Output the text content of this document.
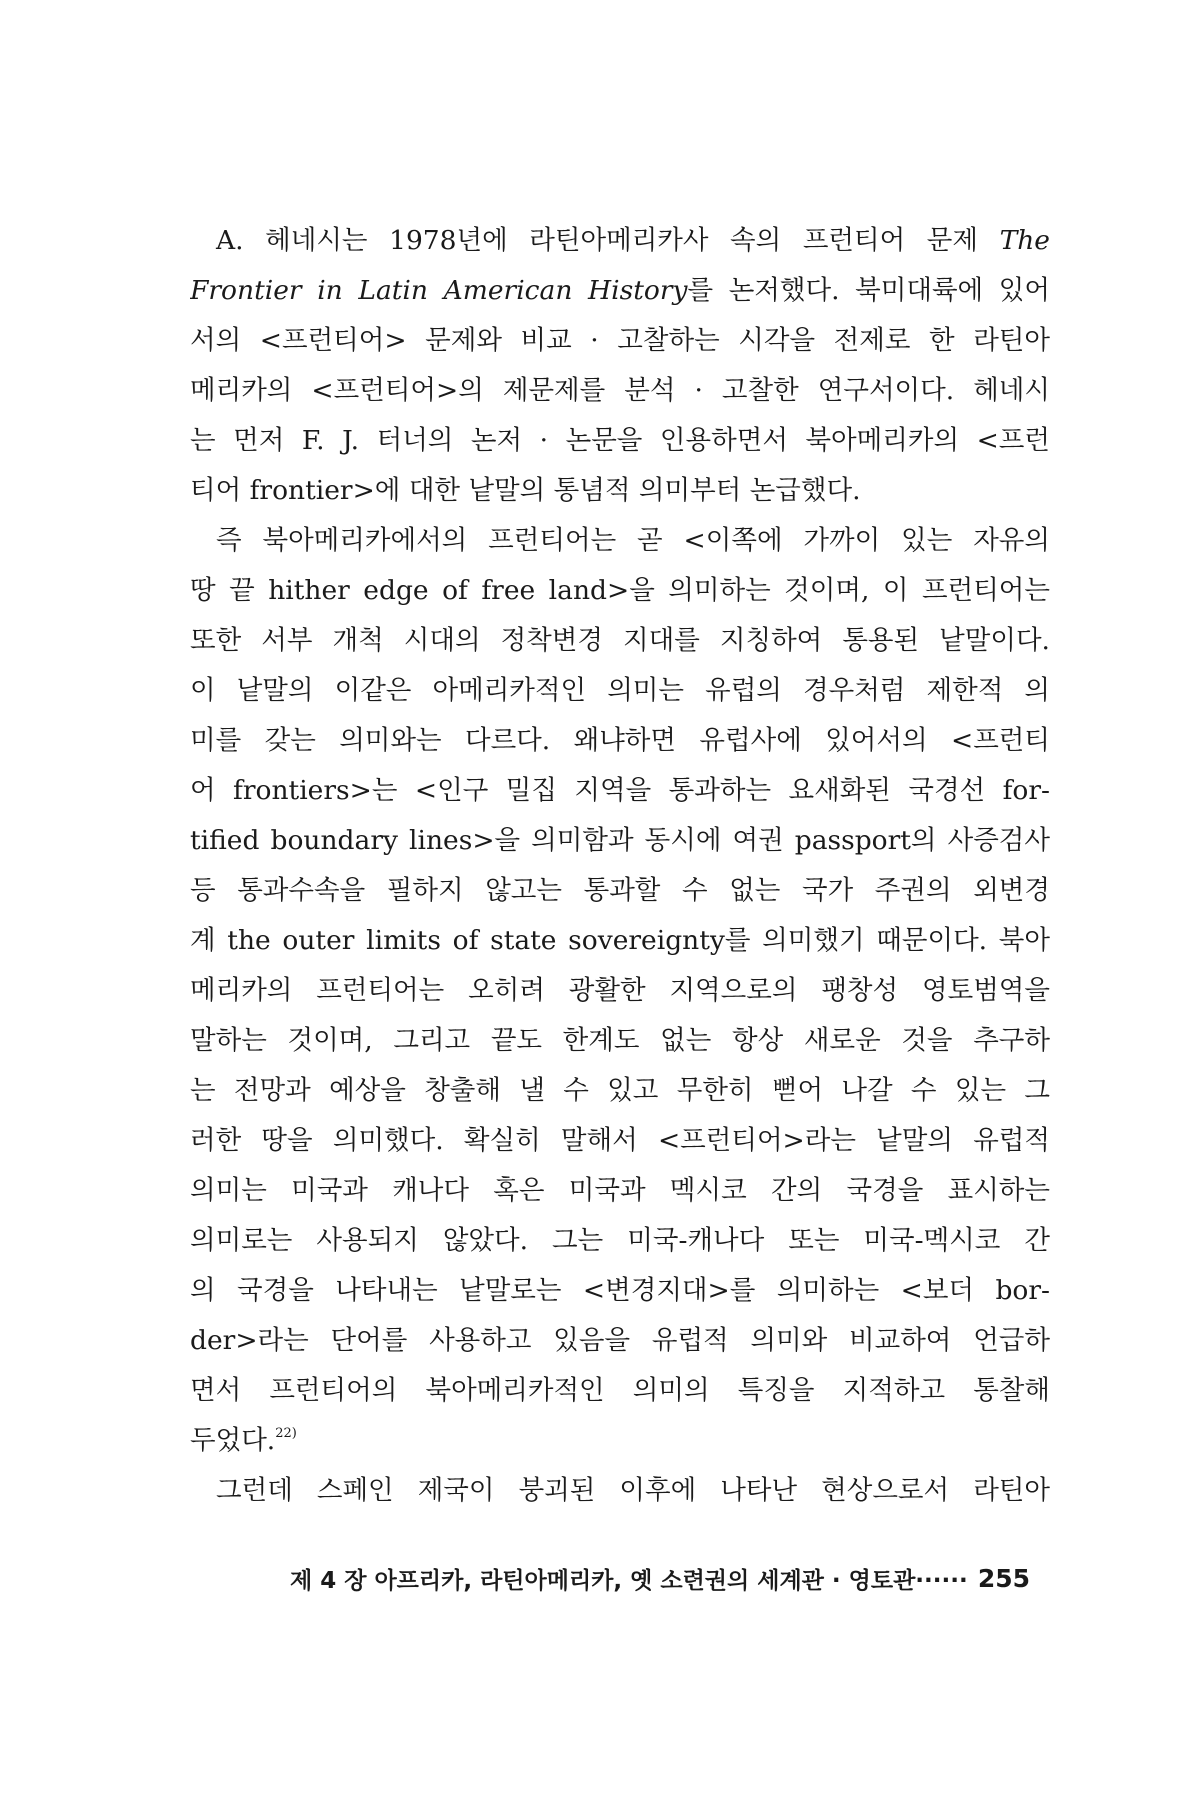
A. 헤네시는 1978년에 라틴아메리카사 속의 프런티어 문제 The
Frontier in Latin American History를 논저했다. 북미대륙에 있어
서의 <프런티어> 문제와 비교 · 고찰하는 시각을 전제로 한 라틴아
메리카의 <프런티어>의 제문제를 분석 · 고찰한 연구서이다. 헤네시
는 먼저 F. J. 터너의 논저 · 논문을 인용하면서 북아메리카의 <프런
티어 frontier>에 대한 낱말의 통념적 의미부터 논급했다.
즉 북아메리카에서의 프런티어는 곧 <이쪽에 가까이 있는 자유의
땅 끝 hither edge of free land>을 의미하는 것이며, 이 프런티어는
또한 서부 개척 시대의 정착변경 지대를 지칭하여 통용된 낱말이다.
이 낱말의 이같은 아메리카적인 의미는 유럽의 경우처럼 제한적 의
미를 갖는 의미와는 다르다. 왜냐하면 유럽사에 있어서의 <프런티
어 frontiers>는 <인구 밀집 지역을 통과하는 요새화된 국경선 for-
tified boundary lines>을 의미함과 동시에 여권 passport의 사증검사
등 통과수속을 필하지 않고는 통과할 수 없는 국가 주권의 외변경
계 the outer limits of state sovereignty를 의미했기 때문이다. 북아
메리카의 프런티어는 오히려 광활한 지역으로의 팽창성 영토범역을
말하는 것이며, 그리고 끝도 한계도 없는 항상 새로운 것을 추구하
는 전망과 예상을 창출해 낼 수 있고 무한히 뻗어 나갈 수 있는 그
러한 땅을 의미했다. 확실히 말해서 <프런티어>라는 낱말의 유럽적
의미는 미국과 캐나다 혹은 미국과 멕시코 간의 국경을 표시하는
의미로는 사용되지 않았다. 그는 미국-캐나다 또는 미국-멕시코 간
의 국경을 나타내는 낱말로는 <변경지대>를 의미하는 <보더 bor-
der>라는 단어를 사용하고 있음을 유럽적 의미와 비교하여 언급하
면서 프런티어의 북아메리카적인 의미의 특징을 지적하고 통찰해
두었다.$^{22)}$
그런데 스페인 제국이 붕괴된 이후에 나타난 현상으로서 라틴아
제 4 장 아프리카, 라틴아메리카, 옛 소련권의 세계관 · 영토관······ 255
